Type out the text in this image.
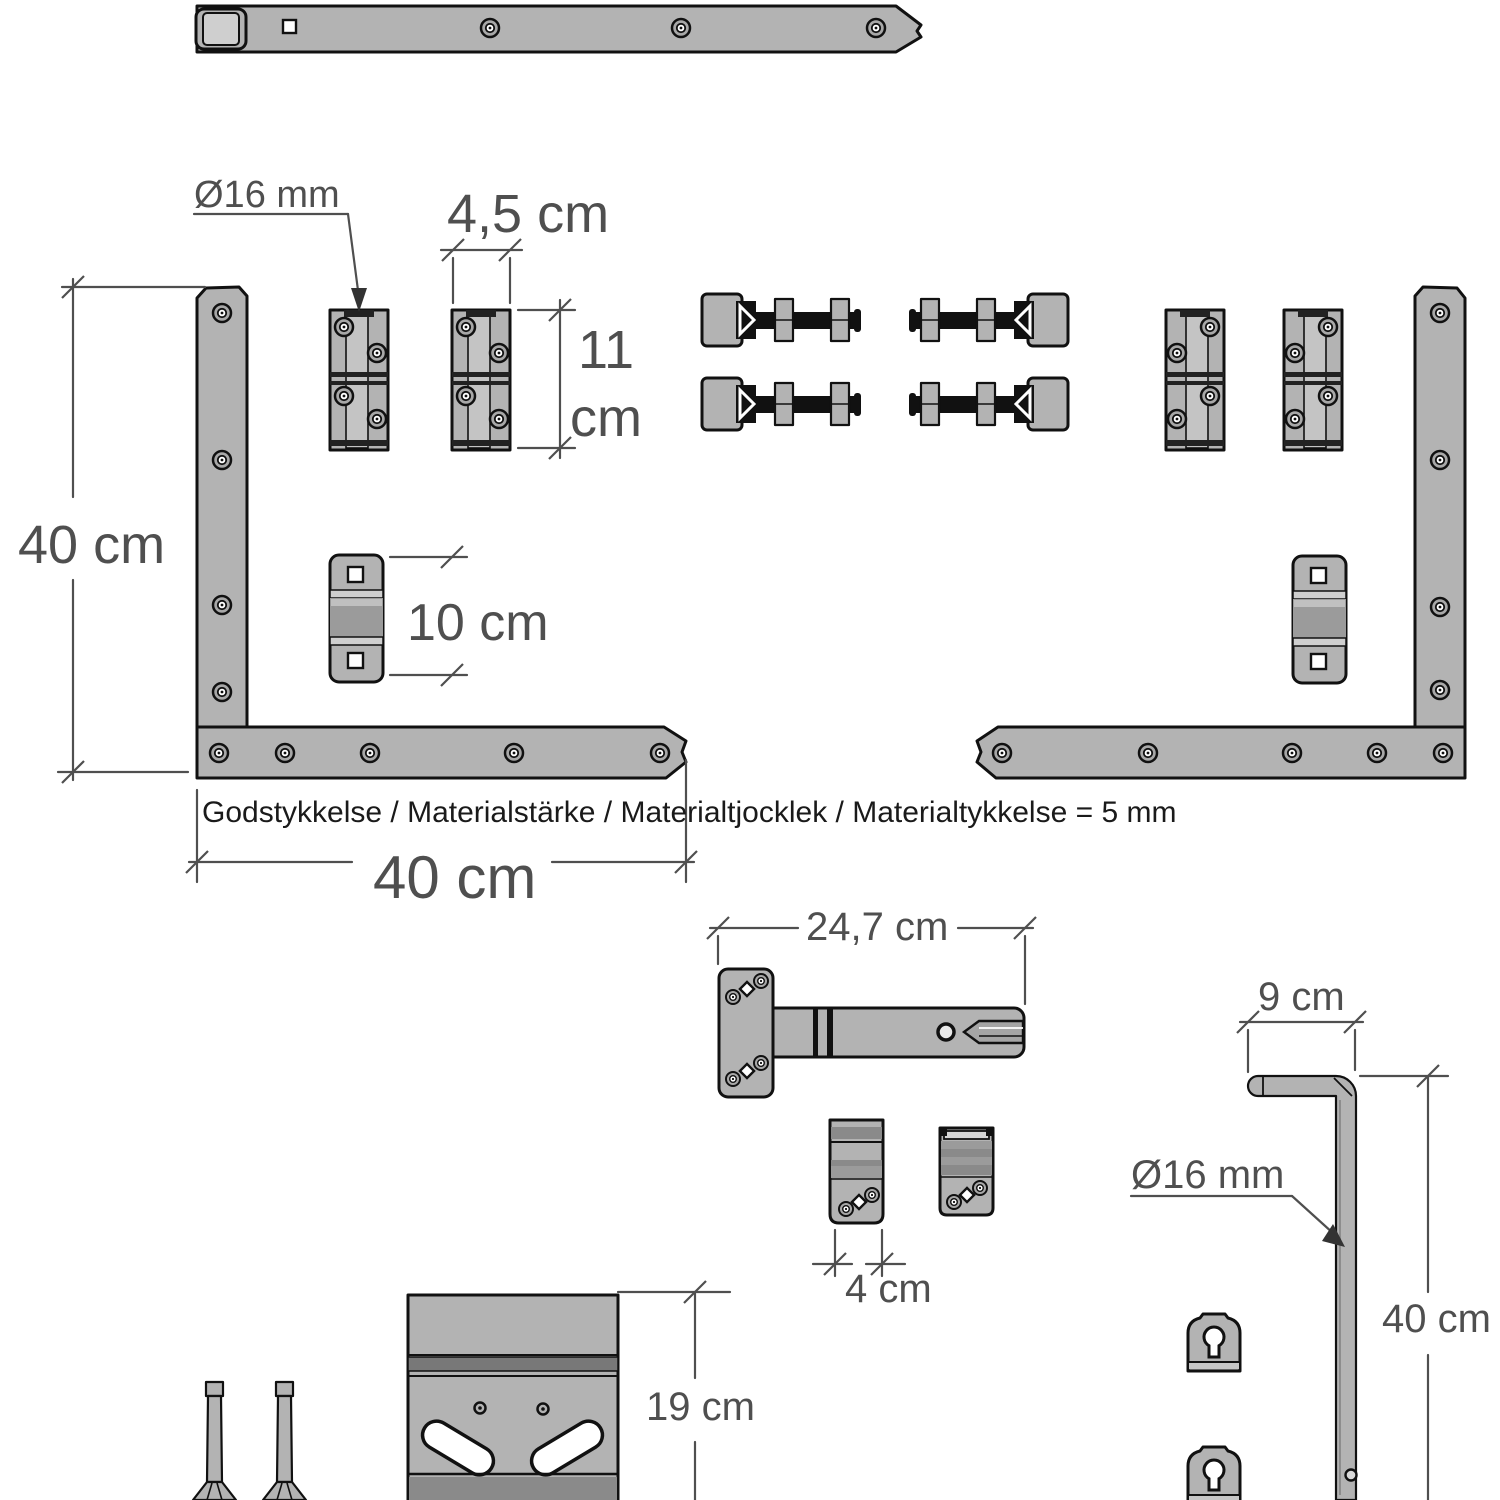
Ø16 mm 4,5 cm
11
cm
40 cm
10 cm
40 cm
Godstykkelse / Materialstärke / Materialtjocklek / Materialtykkelse = 5 mm
24,7 cm
4 cm
9 cm
Ø16 mm
19 cm
40 cm
